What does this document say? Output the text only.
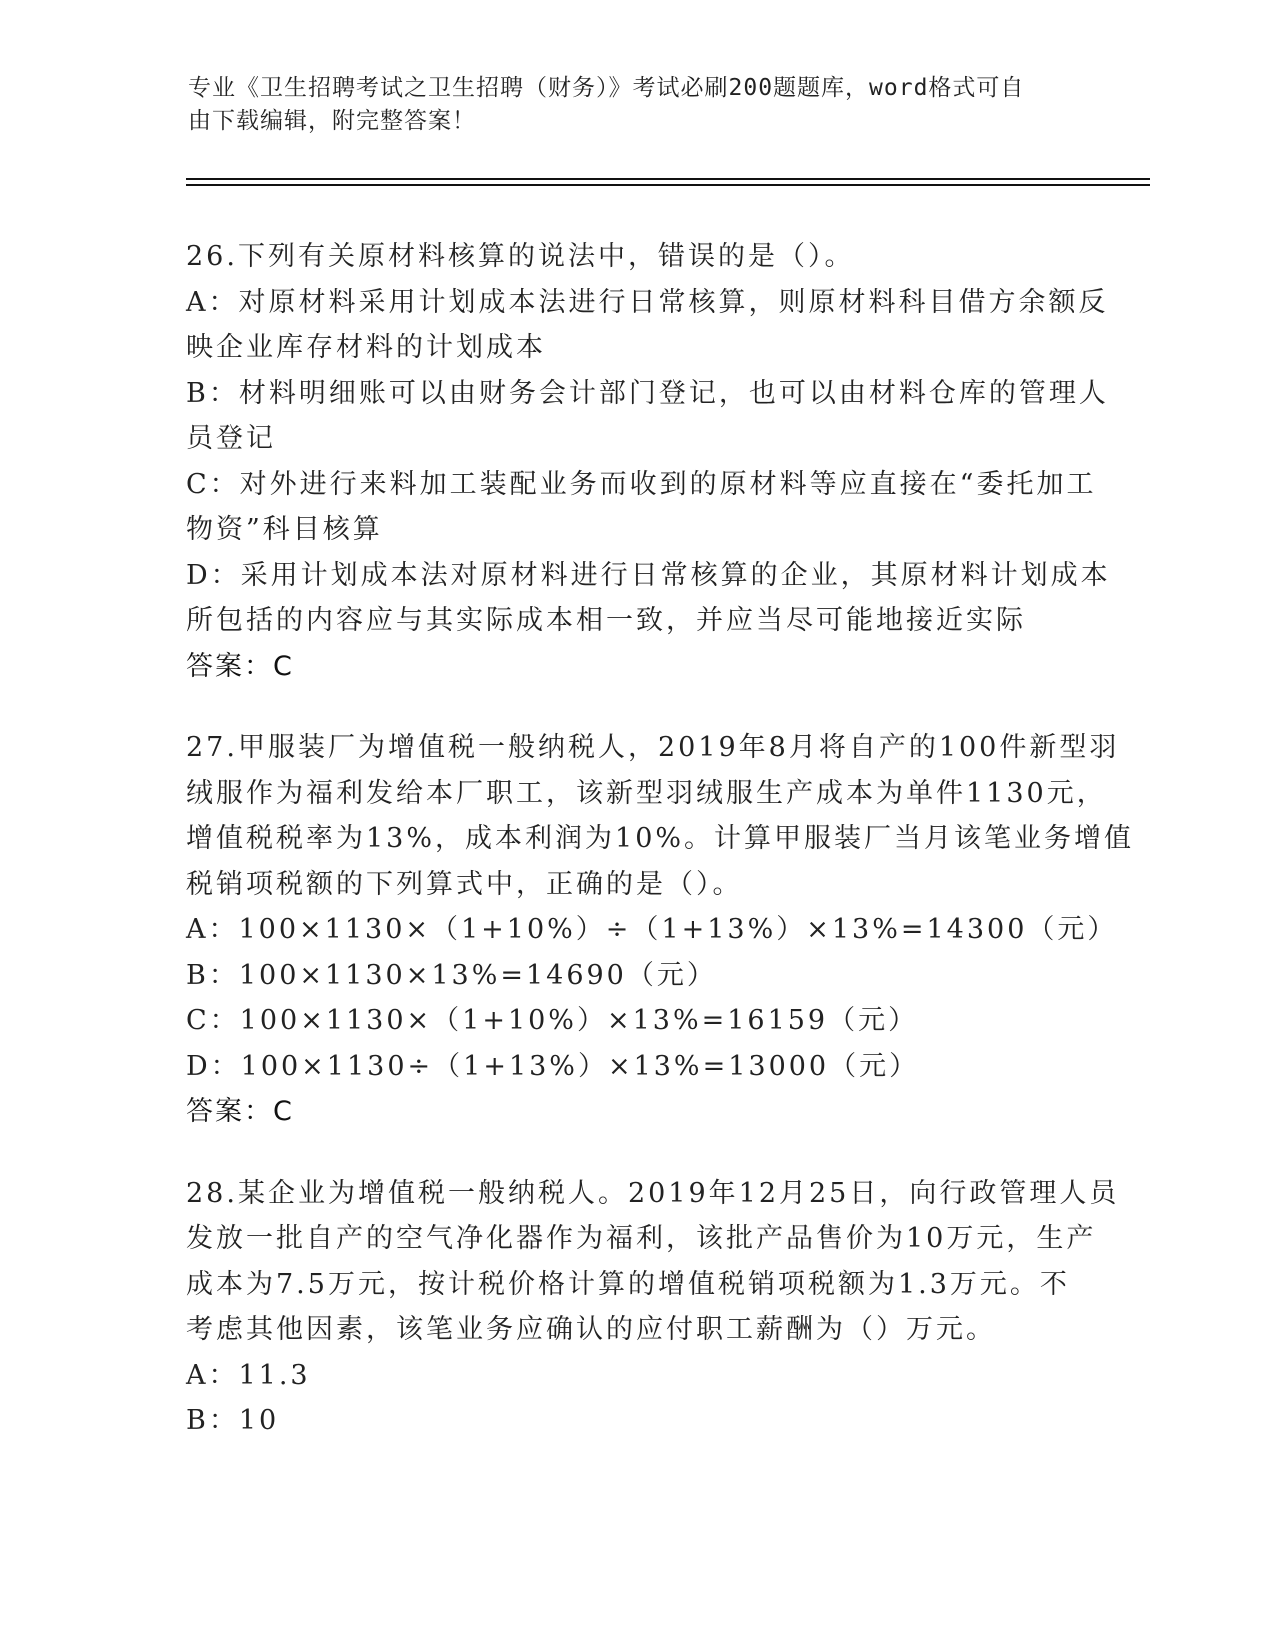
专业《卫生招聘考试之卫生招聘（财务）》考试必刷200题题库，word格式可自
由下载编辑，附完整答案！
26.下列有关原材料核算的说法中，错误的是（）。
A：对原材料采用计划成本法进行日常核算，则原材料科目借方余额反
映企业库存材料的计划成本
B：材料明细账可以由财务会计部门登记，也可以由材料仓库的管理人
员登记
C：对外进行来料加工装配业务而收到的原材料等应直接在“委托加工
物资”科目核算
D：采用计划成本法对原材料进行日常核算的企业，其原材料计划成本
所包括的内容应与其实际成本相一致，并应当尽可能地接近实际
答案：C
27.甲服装厂为增值税一般纳税人，2019年8月将自产的100件新型羽
绒服作为福利发给本厂职工，该新型羽绒服生产成本为单件1130元，
增值税税率为13%，成本利润为10%。计算甲服装厂当月该笔业务增值
税销项税额的下列算式中，正确的是（）。
A：100×1130×（1+10%）÷（1+13%）×13%=14300（元）
B：100×1130×13%=14690（元）
C：100×1130×（1+10%）×13%=16159（元）
D：100×1130÷（1+13%）×13%=13000（元）
答案：C
28.某企业为增值税一般纳税人。2019年12月25日，向行政管理人员
发放一批自产的空气净化器作为福利，该批产品售价为10万元，生产
成本为7.5万元，按计税价格计算的增值税销项税额为1.3万元。不
考虑其他因素，该笔业务应确认的应付职工薪酬为（）万元。
A：11.3
B：10
